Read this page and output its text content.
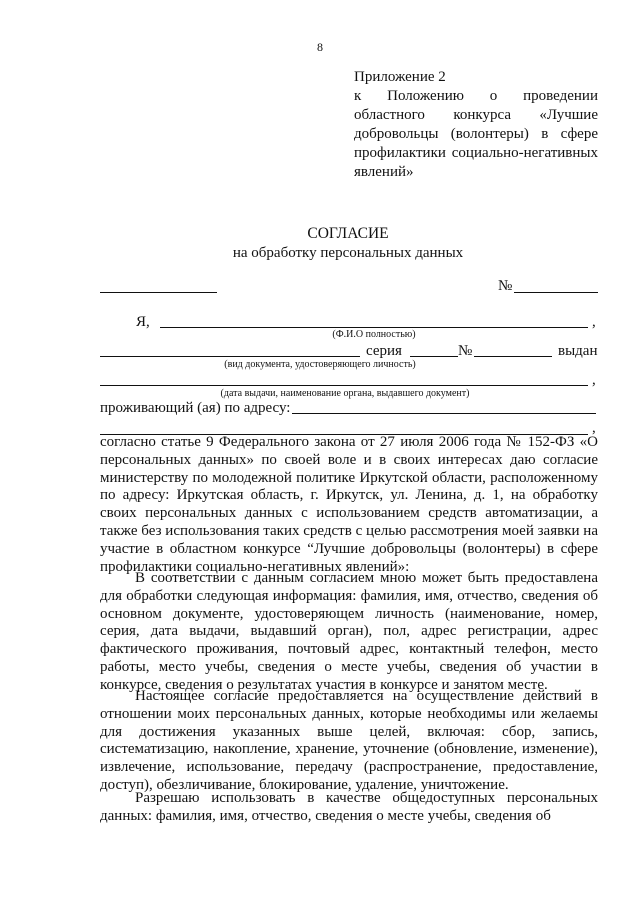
8
Приложение 2
к Положению о проведении областного конкурса «Лучшие добровольцы (волонтеры) в сфере профилактики социально-негативных явлений»
СОГЛАСИЕ
на обработку персональных данных
№
Я,	,
(Ф.И.О полностью)
серия	№	выдан
(вид документа, удостоверяющего личность)
,
(дата выдачи, наименование органа, выдавшего документ)
проживающий (ая) по адресу:
,
согласно статье 9 Федерального закона от 27 июля 2006 года № 152-ФЗ «О персональных данных» по своей воле и в своих интересах даю согласие министерству по молодежной политике Иркутской области, расположенному по адресу: Иркутская область, г. Иркутск, ул. Ленина, д. 1, на обработку своих персональных данных с использованием средств автоматизации, а также без использования таких средств с целью рассмотрения моей заявки на участие в областном конкурсе “Лучшие добровольцы (волонтеры) в сфере профилактики социально-негативных явлений»:
В соответствии с данным согласием мною может быть предоставлена для обработки следующая информация: фамилия, имя, отчество, сведения об основном документе, удостоверяющем личность (наименование, номер, серия, дата выдачи, выдавший орган), пол, адрес регистрации, адрес фактического проживания, почтовый адрес, контактный телефон, место работы, место учебы, сведения о месте учебы, сведения об участии в конкурсе, сведения о результатах участия в конкурсе и занятом месте.
Настоящее согласие предоставляется на осуществление действий в отношении моих персональных данных, которые необходимы или желаемы для достижения указанных выше целей, включая: сбор, запись, систематизацию, накопление, хранение, уточнение (обновление, изменение), извлечение, использование, передачу (распространение, предоставление, доступ), обезличивание, блокирование, удаление, уничтожение.
Разрешаю использовать в качестве общедоступных персональных данных: фамилия, имя, отчество, сведения о месте учебы, сведения об
